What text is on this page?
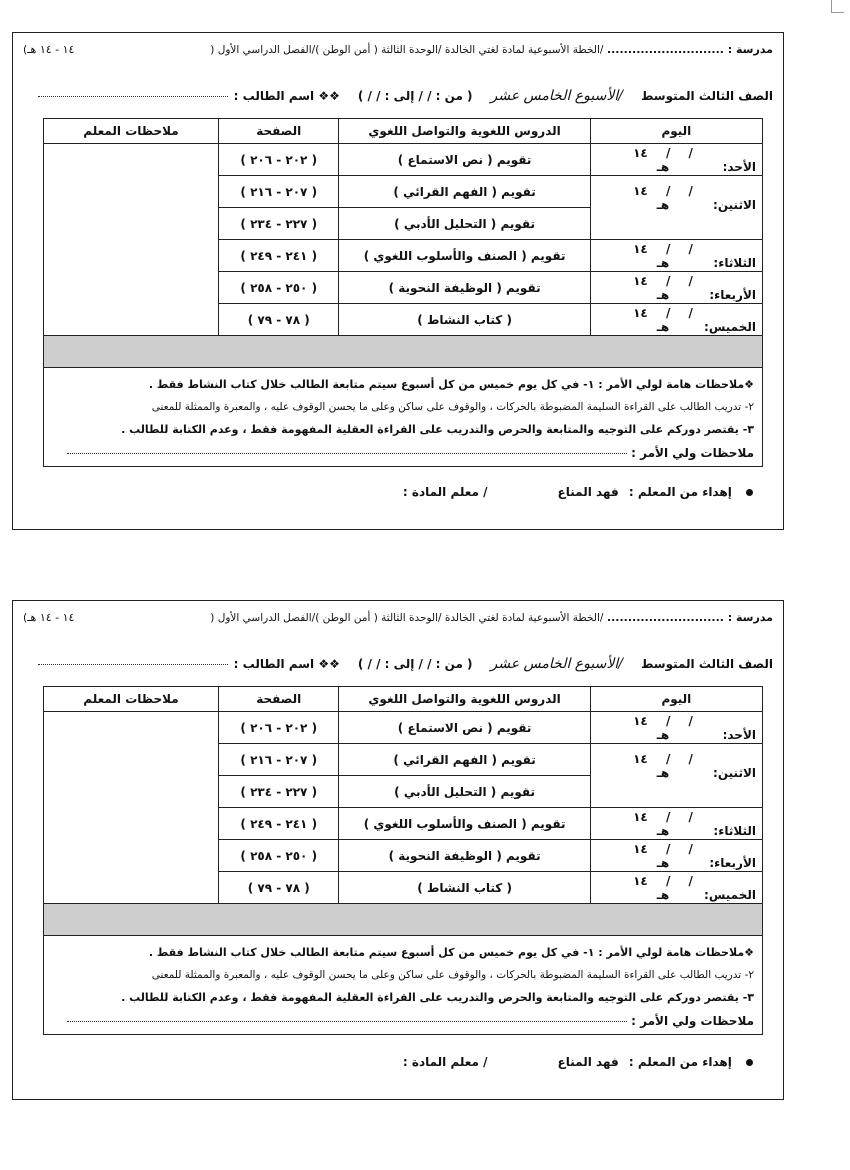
مدرسة : ............................ /الخطة الأسبوعية لمادة لغتي الخالدة /الوحدة الثالثة ( أمن الوطن )/الفصل الدراسي الأول (
١٤ - ١٤ هـ)
الصف الثالث المتوسط
/الأسبوع الخامس عشر
( من : / / إلى : / / )
❖❖ اسم الطالب :
اليوم	الدروس اللغوية والتواصل اللغوي	الصفحة	ملاحظات المعلم
الأحد:/ / ١٤ هـ	تقويم ( نص الاستماع )	( ٢٠٢ - ٢٠٦ )	
الاثنين:/ / ١٤ هـ	تقويم ( الفهم القرائي )	( ٢٠٧ - ٢١٦ )	
	تقويم ( التحليل الأدبي )	( ٢٢٧ - ٢٣٤ )	
الثلاثاء:/ / ١٤ هـ	تقويم ( الصنف والأسلوب اللغوي )	( ٢٤١ - ٢٤٩ )	
الأربعاء:/ / ١٤ هـ	تقويم ( الوظيفة النحوية )	( ٢٥٠ - ٢٥٨ )	
الخميس:/ / ١٤ هـ	( كتاب النشاط )	( ٧٨ - ٧٩ )	

❖ملاحظات هامة لولي الأمر : ١- في كل يوم خميس من كل أسبوع سيتم متابعة الطالب خلال كتاب النشاط فقط .
٢- تدريب الطالب على القراءة السليمة المضبوطة بالحركات ، والوقوف على ساكن وعلى ما يحسن الوقوف عليه ، والمعبرة والممثلة للمعنى
٣- يقتصر دوركم على التوجيه والمتابعة والحرص والتدريب على القراءة العقلية المفهومة فقط ، وعدم الكتابة للطالب .
ملاحظات ولي الأمر :			
إهداء من المعلم : فهد المناع
/ معلم المادة :
مدرسة : ............................ /الخطة الأسبوعية لمادة لغتي الخالدة /الوحدة الثالثة ( أمن الوطن )/الفصل الدراسي الأول (
١٤ - ١٤ هـ)
الصف الثالث المتوسط
/الأسبوع الخامس عشر
( من : / / إلى : / / )
❖❖ اسم الطالب :
اليوم	الدروس اللغوية والتواصل اللغوي	الصفحة	ملاحظات المعلم
الأحد:/ / ١٤ هـ	تقويم ( نص الاستماع )	( ٢٠٢ - ٢٠٦ )	
الاثنين:/ / ١٤ هـ	تقويم ( الفهم القرائي )	( ٢٠٧ - ٢١٦ )	
	تقويم ( التحليل الأدبي )	( ٢٢٧ - ٢٣٤ )	
الثلاثاء:/ / ١٤ هـ	تقويم ( الصنف والأسلوب اللغوي )	( ٢٤١ - ٢٤٩ )	
الأربعاء:/ / ١٤ هـ	تقويم ( الوظيفة النحوية )	( ٢٥٠ - ٢٥٨ )	
الخميس:/ / ١٤ هـ	( كتاب النشاط )	( ٧٨ - ٧٩ )	

❖ملاحظات هامة لولي الأمر : ١- في كل يوم خميس من كل أسبوع سيتم متابعة الطالب خلال كتاب النشاط فقط .
٢- تدريب الطالب على القراءة السليمة المضبوطة بالحركات ، والوقوف على ساكن وعلى ما يحسن الوقوف عليه ، والمعبرة والممثلة للمعنى
٣- يقتصر دوركم على التوجيه والمتابعة والحرص والتدريب على القراءة العقلية المفهومة فقط ، وعدم الكتابة للطالب .
ملاحظات ولي الأمر :			
إهداء من المعلم : فهد المناع
/ معلم المادة :
